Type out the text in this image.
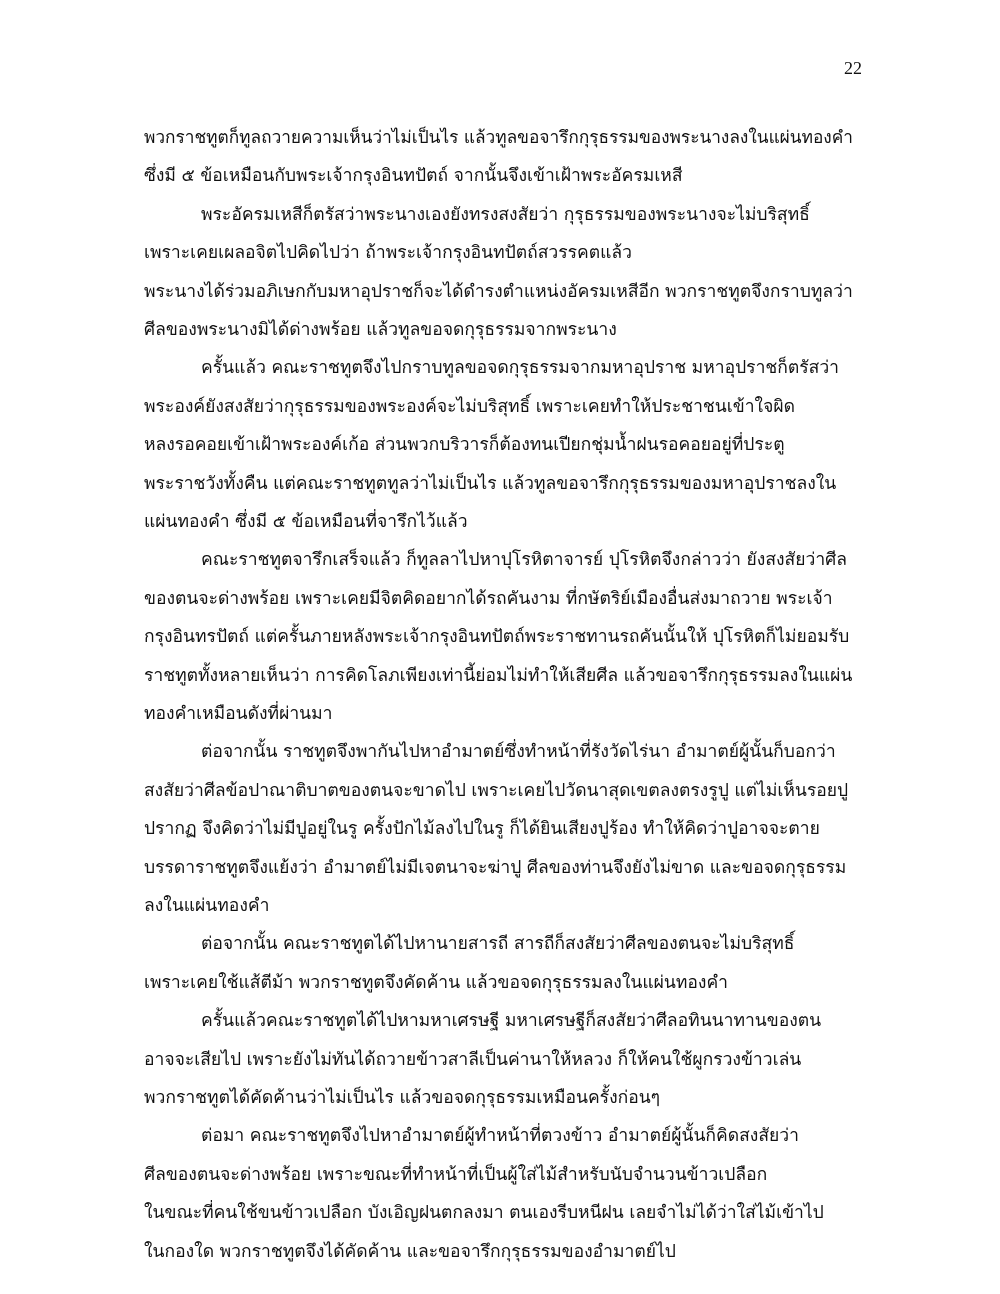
22
พวกราชทูตก็ทูลถวายความเห็นว่าไม่เป็นไร แล้วทูลขอจารึกกุรุธรรมของพระนางลงในแผ่นทองคำ
ซึ่งมี ๕ ข้อเหมือนกับพระเจ้ากรุงอินทปัตถ์ จากนั้นจึงเข้าเฝ้าพระอัครมเหสี
พระอัครมเหสีก็ตรัสว่าพระนางเองยังทรงสงสัยว่า กุรุธรรมของพระนางจะไม่บริสุทธิ์
เพราะเคยเผลอจิตไปคิดไปว่า ถ้าพระเจ้ากรุงอินทปัตถ์สวรรคตแล้ว
พระนางได้ร่วมอภิเษกกับมหาอุปราชก็จะได้ดำรงตำแหน่งอัครมเหสีอีก พวกราชทูตจึงกราบทูลว่า
ศีลของพระนางมิได้ด่างพร้อย แล้วทูลขอจดกุรุธรรมจากพระนาง
ครั้นแล้ว คณะราชทูตจึงไปกราบทูลขอจดกุรุธรรมจากมหาอุปราช มหาอุปราชก็ตรัสว่า
พระองค์ยังสงสัยว่ากุรุธรรมของพระองค์จะไม่บริสุทธิ์ เพราะเคยทำให้ประชาชนเข้าใจผิด
หลงรอคอยเข้าเฝ้าพระองค์เก้อ ส่วนพวกบริวารก็ต้องทนเปียกชุ่มน้ำฝนรอคอยอยู่ที่ประตู
พระราชวังทั้งคืน แต่คณะราชทูตทูลว่าไม่เป็นไร แล้วทูลขอจารึกกุรุธรรมของมหาอุปราชลงใน
แผ่นทองคำ ซึ่งมี ๕ ข้อเหมือนที่จารึกไว้แล้ว
คณะราชทูตจารึกเสร็จแล้ว ก็ทูลลาไปหาปุโรหิตาจารย์ ปุโรหิตจึงกล่าวว่า ยังสงสัยว่าศีล
ของตนจะด่างพร้อย เพราะเคยมีจิตคิดอยากได้รถคันงาม ที่กษัตริย์เมืองอื่นส่งมาถวาย พระเจ้า
กรุงอินทรปัตถ์ แต่ครั้นภายหลังพระเจ้ากรุงอินทปัตถ์พระราชทานรถคันนั้นให้ ปุโรหิตก็ไม่ยอมรับ
ราชทูตทั้งหลายเห็นว่า การคิดโลภเพียงเท่านี้ย่อมไม่ทำให้เสียศีล แล้วขอจารึกกุรุธรรมลงในแผ่น
ทองคำเหมือนดังที่ผ่านมา
ต่อจากนั้น ราชทูตจึงพากันไปหาอำมาตย์ซึ่งทำหน้าที่รังวัดไร่นา อำมาตย์ผู้นั้นก็บอกว่า
สงสัยว่าศีลข้อปาณาติบาตของตนจะขาดไป เพราะเคยไปวัดนาสุดเขตลงตรงรูปู แต่ไม่เห็นรอยปู
ปรากฏ จึงคิดว่าไม่มีปูอยู่ในรู ครั้งปักไม้ลงไปในรู ก็ได้ยินเสียงปูร้อง ทำให้คิดว่าปูอาจจะตาย
บรรดาราชทูตจึงแย้งว่า อำมาตย์ไม่มีเจตนาจะฆ่าปู ศีลของท่านจึงยังไม่ขาด และขอจดกุรุธรรม
ลงในแผ่นทองคำ
ต่อจากนั้น คณะราชทูตได้ไปหานายสารถี สารถีก็สงสัยว่าศีลของตนจะไม่บริสุทธิ์
เพราะเคยใช้แส้ตีม้า พวกราชทูตจึงคัดค้าน แล้วขอจดกุรุธรรมลงในแผ่นทองคำ
ครั้นแล้วคณะราชทูตได้ไปหามหาเศรษฐี มหาเศรษฐีก็สงสัยว่าศีลอทินนาทานของตน
อาจจะเสียไป เพราะยังไม่ทันได้ถวายข้าวสาลีเป็นค่านาให้หลวง ก็ให้คนใช้ผูกรวงข้าวเล่น
พวกราชทูตได้คัดค้านว่าไม่เป็นไร แล้วขอจดกุรุธรรมเหมือนครั้งก่อนๆ
ต่อมา คณะราชทูตจึงไปหาอำมาตย์ผู้ทำหน้าที่ตวงข้าว อำมาตย์ผู้นั้นก็คิดสงสัยว่า
ศีลของตนจะด่างพร้อย เพราะขณะที่ทำหน้าที่เป็นผู้ใส่ไม้สำหรับนับจำนวนข้าวเปลือก
ในขณะที่คนใช้ขนข้าวเปลือก บังเอิญฝนตกลงมา ตนเองรีบหนีฝน เลยจำไม่ได้ว่าใส่ไม้เข้าไป
ในกองใด พวกราชทูตจึงได้คัดค้าน และขอจารึกกุรุธรรมของอำมาตย์ไป
